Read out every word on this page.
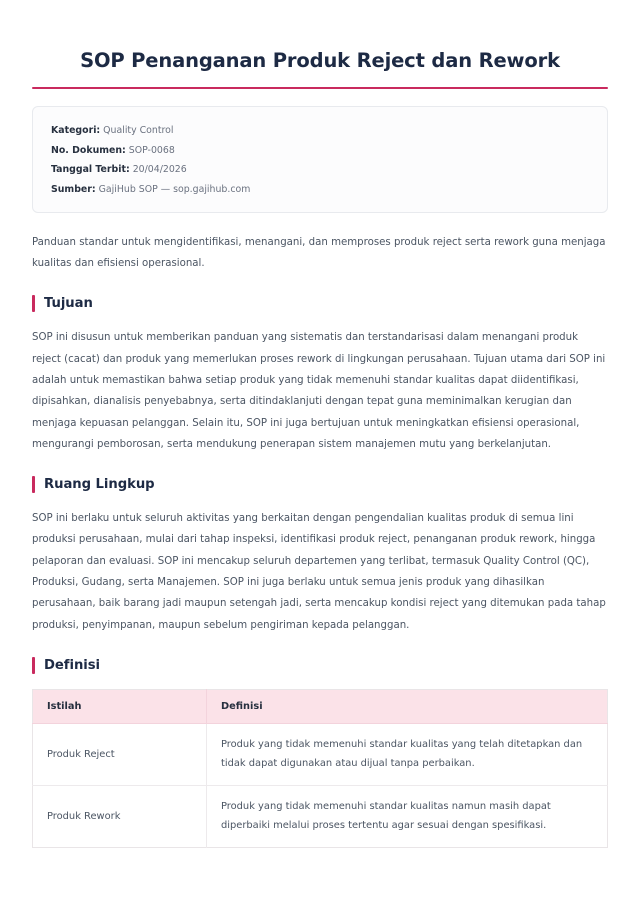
SOP Penanganan Produk Reject dan Rework
Kategori: Quality Control
No. Dokumen: SOP-0068
Tanggal Terbit: 20/04/2026
Sumber: GajiHub SOP — sop.gajihub.com

Panduan standar untuk mengidentifikasi, menangani, dan memproses produk reject serta rework guna menjaga kualitas dan efisiensi operasional.

Tujuan

SOP ini disusun untuk memberikan panduan yang sistematis dan terstandarisasi dalam menangani produk reject (cacat) dan produk yang memerlukan proses rework di lingkungan perusahaan. Tujuan utama dari SOP ini adalah untuk memastikan bahwa setiap produk yang tidak memenuhi standar kualitas dapat diidentifikasi, dipisahkan, dianalisis penyebabnya, serta ditindaklanjuti dengan tepat guna meminimalkan kerugian dan menjaga kepuasan pelanggan. Selain itu, SOP ini juga bertujuan untuk meningkatkan efisiensi operasional, mengurangi pemborosan, serta mendukung penerapan sistem manajemen mutu yang berkelanjutan.

Ruang Lingkup

SOP ini berlaku untuk seluruh aktivitas yang berkaitan dengan pengendalian kualitas produk di semua lini produksi perusahaan, mulai dari tahap inspeksi, identifikasi produk reject, penanganan produk rework, hingga pelaporan dan evaluasi. SOP ini mencakup seluruh departemen yang terlibat, termasuk Quality Control (QC), Produksi, Gudang, serta Manajemen. SOP ini juga berlaku untuk semua jenis produk yang dihasilkan perusahaan, baik barang jadi maupun setengah jadi, serta mencakup kondisi reject yang ditemukan pada tahap produksi, penyimpanan, maupun sebelum pengiriman kepada pelanggan.

Definisi
Istilah	Definisi
Produk Reject	Produk yang tidak memenuhi standar kualitas yang telah ditetapkan dan tidak dapat digunakan atau dijual tanpa perbaikan.
Produk Rework	Produk yang tidak memenuhi standar kualitas namun masih dapat diperbaiki melalui proses tertentu agar sesuai dengan spesifikasi.
